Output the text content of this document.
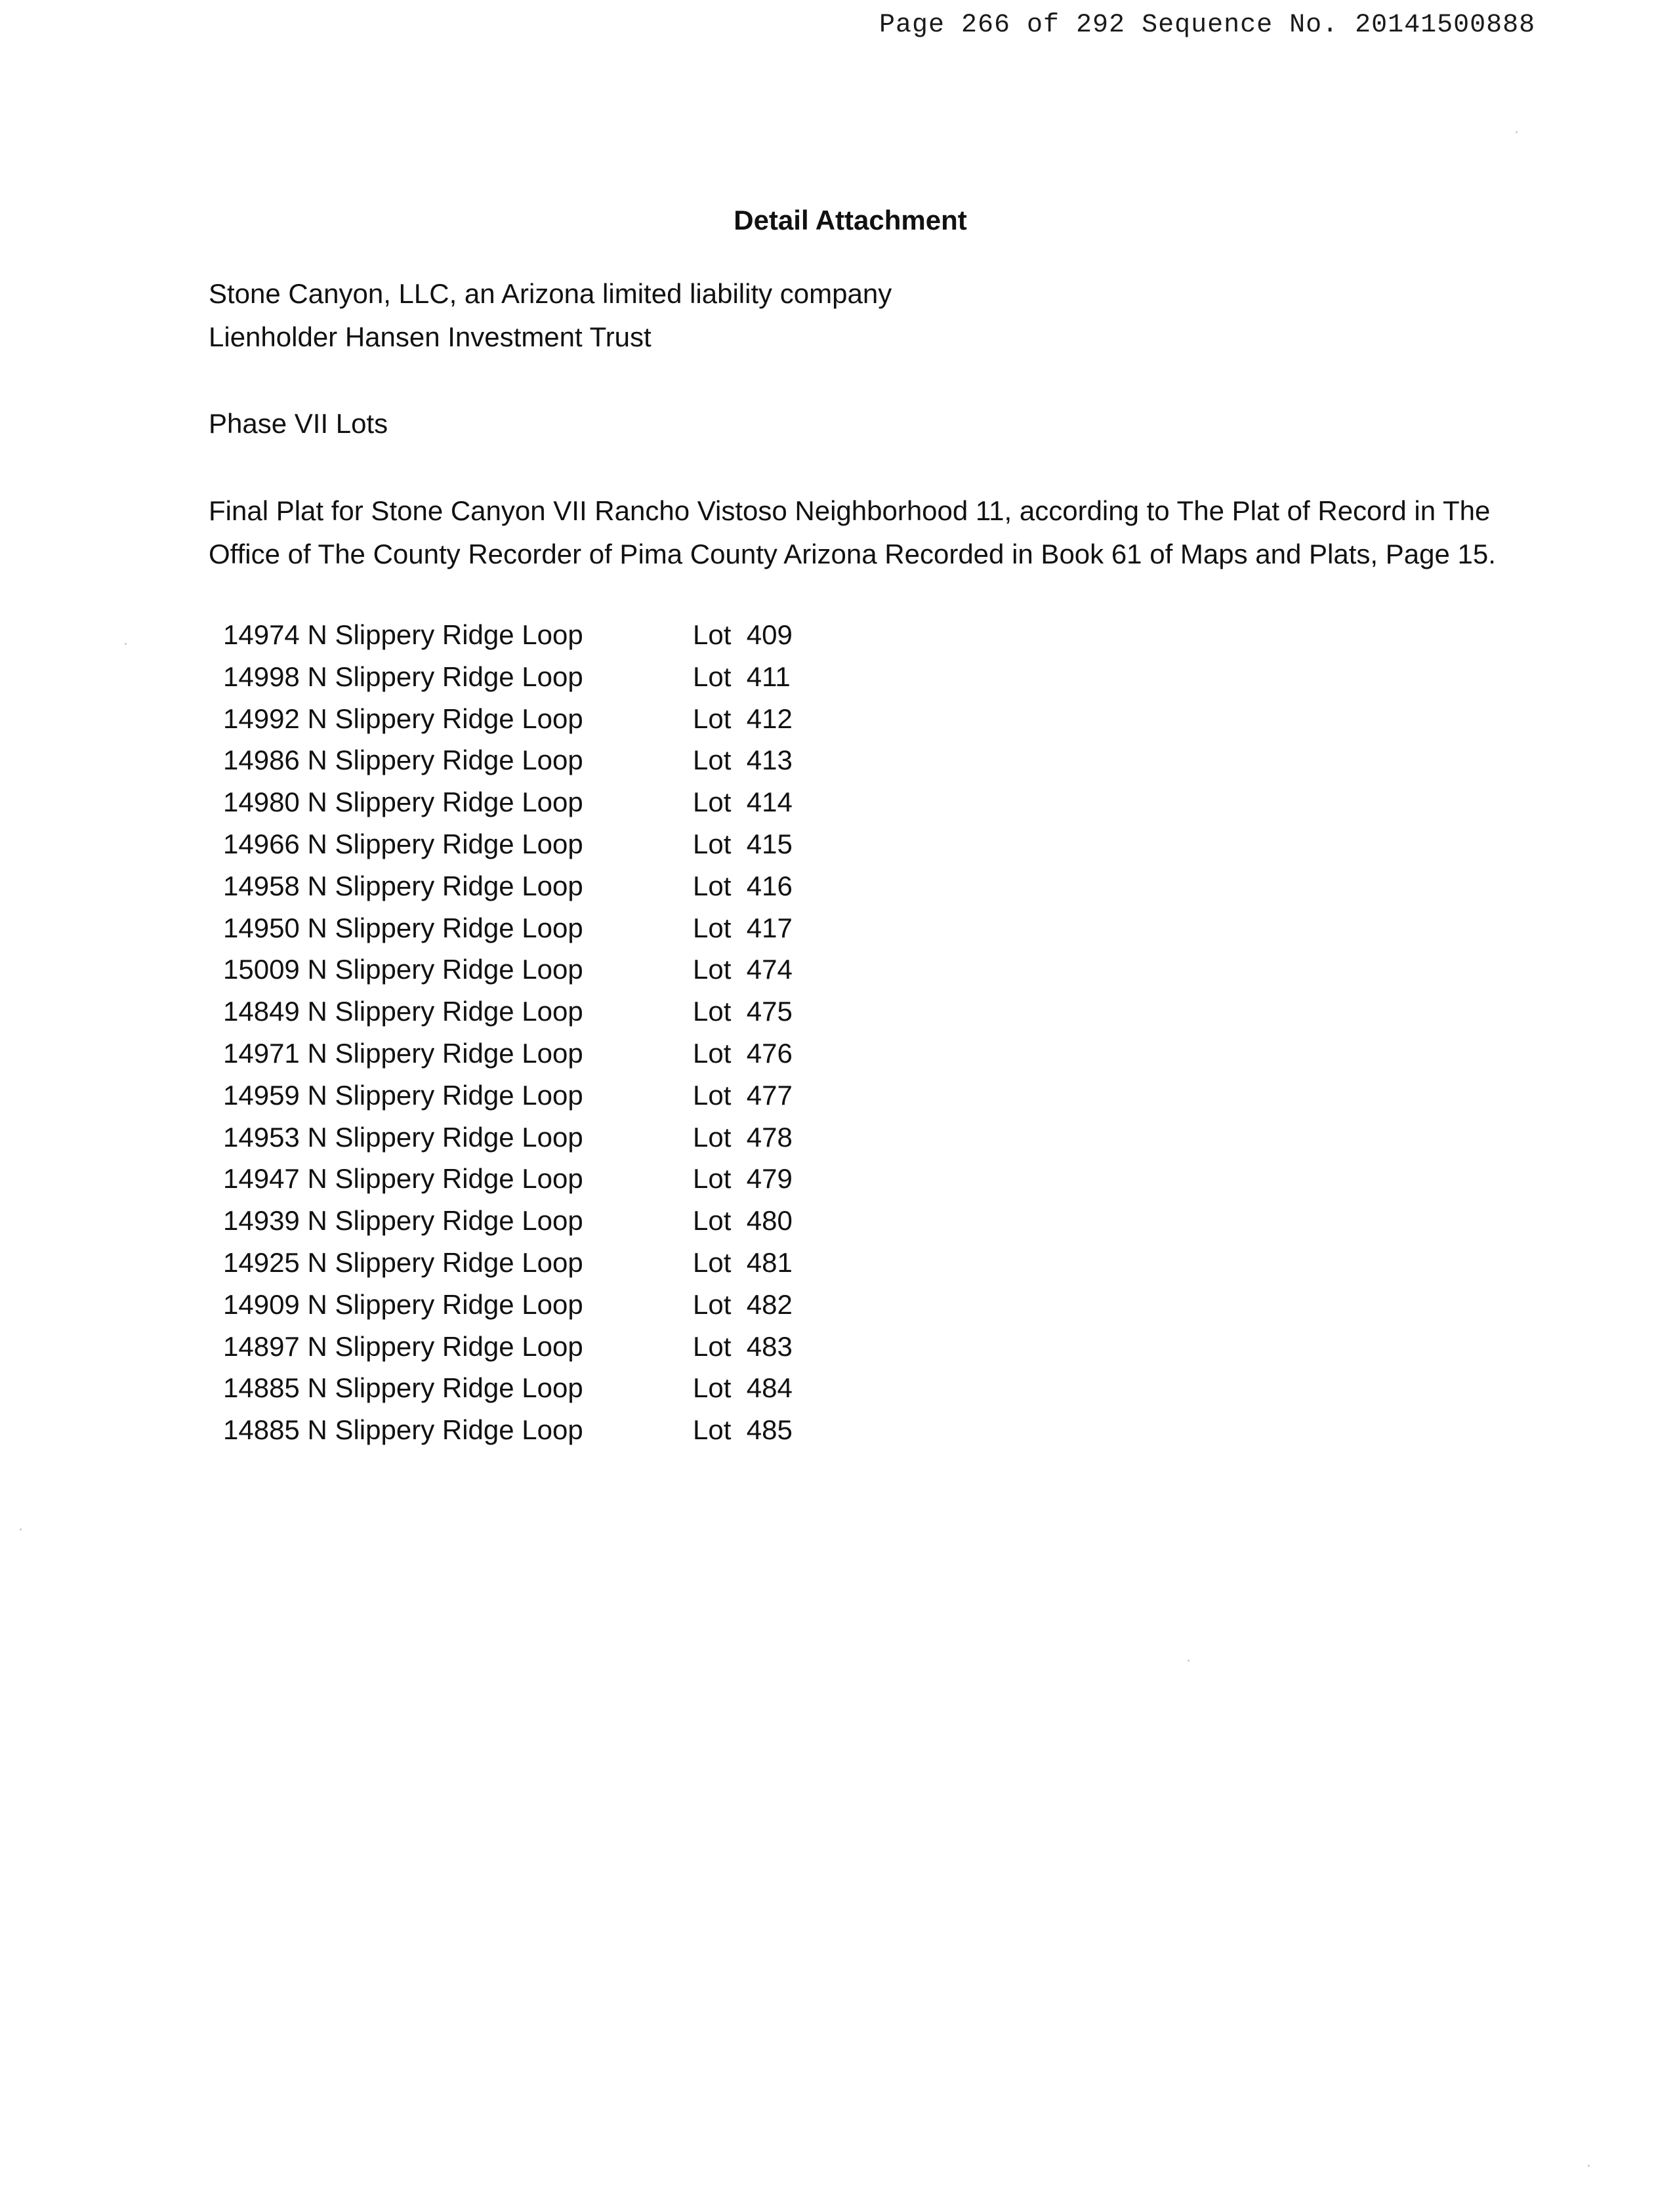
Page 266 of 292 Sequence No. 20141500888
Detail Attachment
Stone Canyon, LLC, an Arizona limited liability company
Lienholder Hansen Investment Trust
Phase VII Lots
Final Plat for Stone Canyon VII Rancho Vistoso Neighborhood 11, according to The Plat of Record in The
Office of The County Recorder of Pima County Arizona Recorded in Book 61 of Maps and Plats, Page 15.
14974 N Slippery Ridge Loop	Lot  409
14998 N Slippery Ridge Loop	Lot  411
14992 N Slippery Ridge Loop	Lot  412
14986 N Slippery Ridge Loop	Lot  413
14980 N Slippery Ridge Loop	Lot  414
14966 N Slippery Ridge Loop	Lot  415
14958 N Slippery Ridge Loop	Lot  416
14950 N Slippery Ridge Loop	Lot  417
15009 N Slippery Ridge Loop	Lot  474
14849 N Slippery Ridge Loop	Lot  475
14971 N Slippery Ridge Loop	Lot  476
14959 N Slippery Ridge Loop	Lot  477
14953 N Slippery Ridge Loop	Lot  478
14947 N Slippery Ridge Loop	Lot  479
14939 N Slippery Ridge Loop	Lot  480
14925 N Slippery Ridge Loop	Lot  481
14909 N Slippery Ridge Loop	Lot  482
14897 N Slippery Ridge Loop	Lot  483
14885 N Slippery Ridge Loop	Lot  484
14885 N Slippery Ridge Loop	Lot  485
